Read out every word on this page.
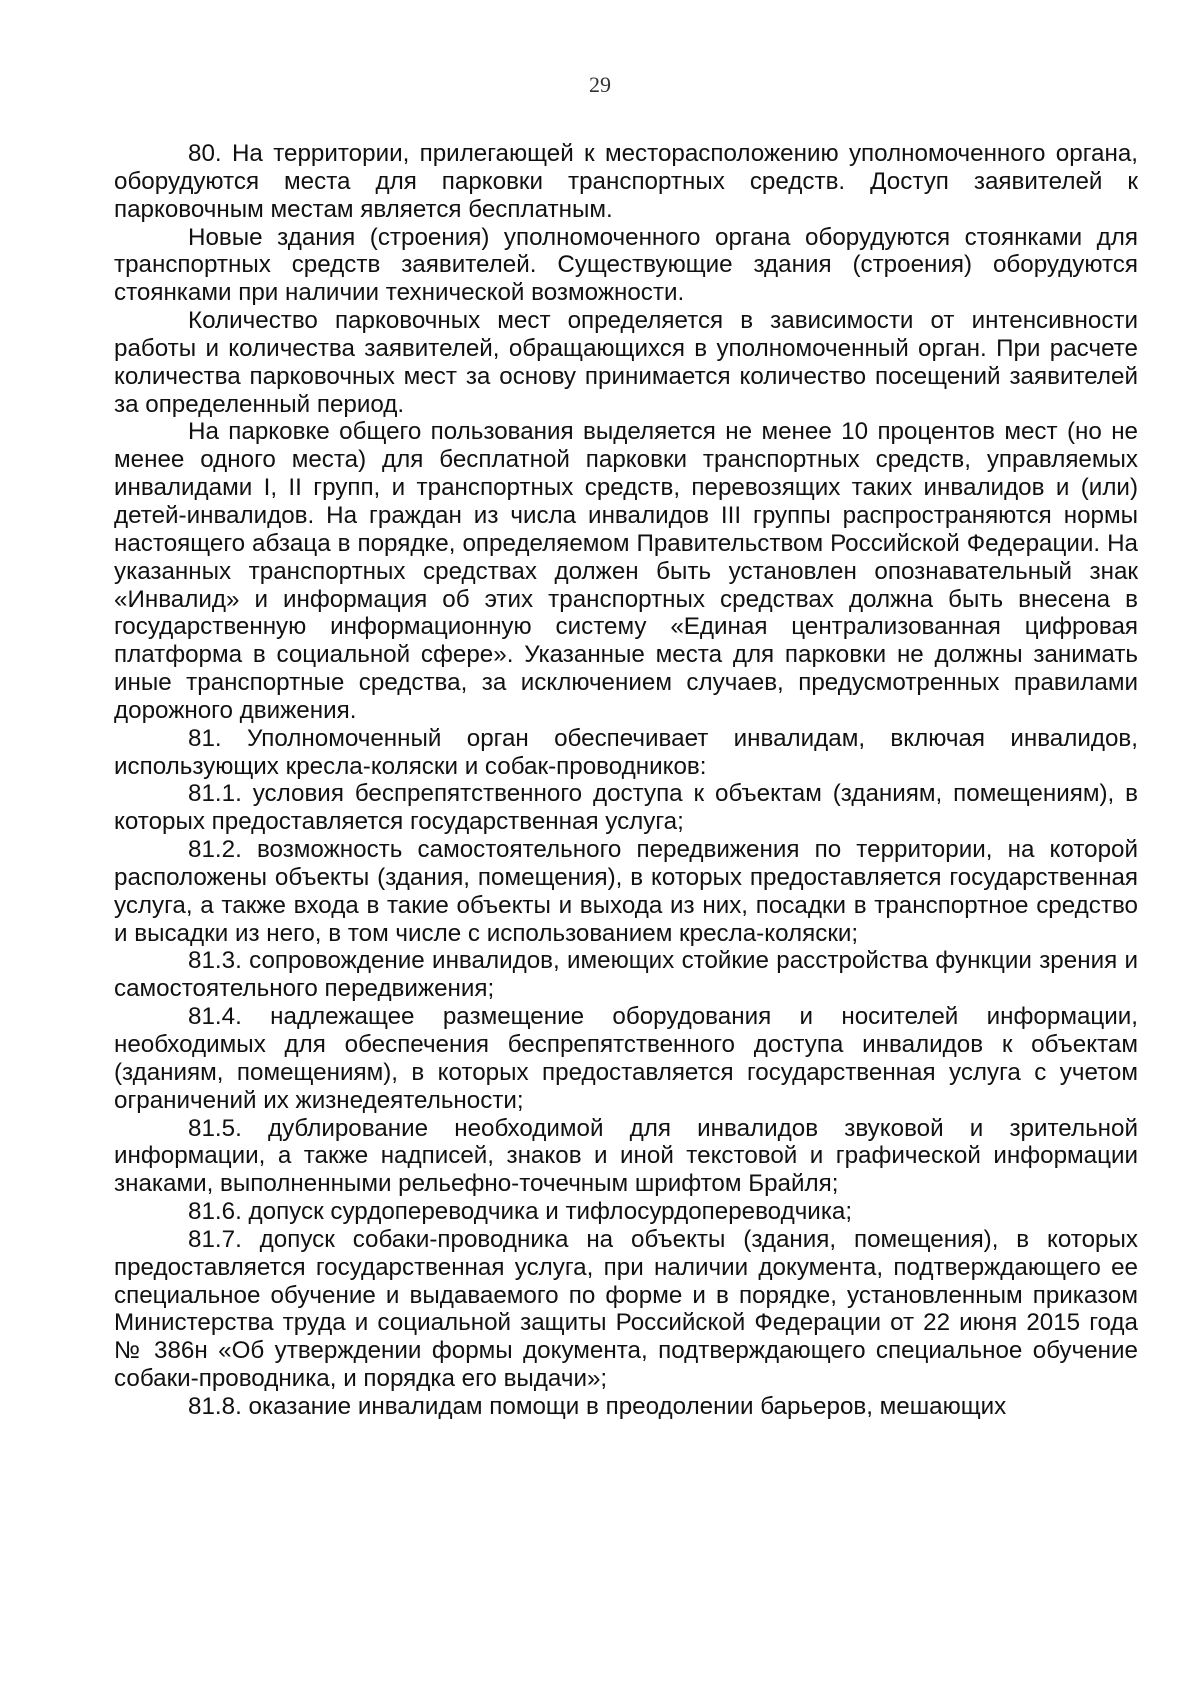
29

80. На территории, прилегающей к месторасположению уполномоченного органа, оборудуются места для парковки транспортных средств. Доступ заявителей к парковочным местам является бесплатным.

Новые здания (строения) уполномоченного органа оборудуются стоянками для транспортных средств заявителей. Существующие здания (строения) оборудуются стоянками при наличии технической возможности.

Количество парковочных мест определяется в зависимости от интенсивности работы и количества заявителей, обращающихся в уполномоченный орган. При расчете количества парковочных мест за основу принимается количество посещений заявителей за определенный период.

На парковке общего пользования выделяется не менее 10 процентов мест (но не менее одного места) для бесплатной парковки транспортных средств, управляемых инвалидами I, II групп, и транспортных средств, перевозящих таких инвалидов и (или) детей-инвалидов. На граждан из числа инвалидов III группы распространяются нормы настоящего абзаца в порядке, определяемом Правительством Российской Федерации. На указанных транспортных средствах должен быть установлен опознавательный знак «Инвалид» и информация об этих транспортных средствах должна быть внесена в государственную информационную систему «Единая централизованная цифровая платформа в социальной сфере». Указанные места для парковки не должны занимать иные транспортные средства, за исключением случаев, предусмотренных правилами дорожного движения.

81. Уполномоченный орган обеспечивает инвалидам, включая инвалидов, использующих кресла-коляски и собак-проводников:

81.1. условия беспрепятственного доступа к объектам (зданиям, помещениям), в которых предоставляется государственная услуга;

81.2. возможность самостоятельного передвижения по территории, на которой расположены объекты (здания, помещения), в которых предоставляется государственная услуга, а также входа в такие объекты и выхода из них, посадки в транспортное средство и высадки из него, в том числе с использованием кресла-коляски;

81.3. сопровождение инвалидов, имеющих стойкие расстройства функции зрения и самостоятельного передвижения;

81.4. надлежащее размещение оборудования и носителей информации, необходимых для обеспечения беспрепятственного доступа инвалидов к объектам (зданиям, помещениям), в которых предоставляется государственная услуга с учетом ограничений их жизнедеятельности;

81.5. дублирование необходимой для инвалидов звуковой и зрительной информации, а также надписей, знаков и иной текстовой и графической информации знаками, выполненными рельефно-точечным шрифтом Брайля;

81.6. допуск сурдопереводчика и тифлосурдопереводчика;

81.7. допуск собаки-проводника на объекты (здания, помещения), в которых предоставляется государственная услуга, при наличии документа, подтверждающего ее специальное обучение и выдаваемого по форме и в порядке, установленным приказом Министерства труда и социальной защиты Российской Федерации от 22 июня 2015 года № 386н «Об утверждении формы документа, подтверждающего специальное обучение собаки-проводника, и порядка его выдачи»;

81.8. оказание инвалидам помощи в преодолении барьеров, мешающих
